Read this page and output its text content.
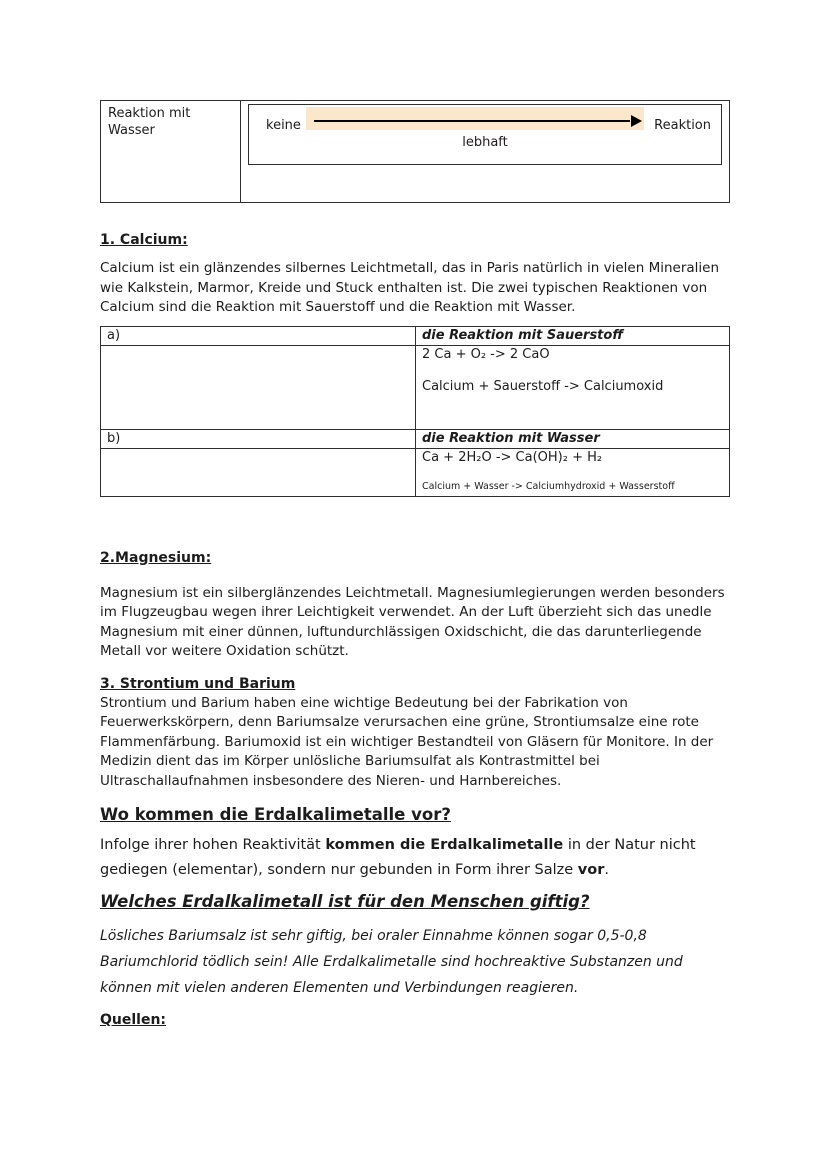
Reaktion mit Wasser	keine	Reaktion
lebhaft
1. Calcium:

Calcium ist ein glänzendes silbernes Leichtmetall, das in Paris natürlich in vielen Mineralien wie Kalkstein, Marmor, Kreide und Stuck enthalten ist. Die zwei typischen Reaktionen von Calcium sind die Reaktion mit Sauerstoff und die Reaktion mit Wasser.

a)	die Reaktion mit Sauerstoff

	2 Ca + O₂ -> 2 CaO
Calcium + Sauerstoff -> Calciumoxid

b)	die Reaktion mit Wasser

	Ca + 2H₂O -> Ca(OH)₂ + H₂
Calcium + Wasser -> Calciumhydroxid + Wasserstoff
2.Magnesium:

Magnesium ist ein silberglänzendes Leichtmetall. Magnesiumlegierungen werden besonders im Flugzeugbau wegen ihrer Leichtigkeit verwendet. An der Luft überzieht sich das unedle Magnesium mit einer dünnen, luftundurchlässigen Oxidschicht, die das darunterliegende Metall vor weitere Oxidation schützt.

3. Strontium und Barium

Strontium und Barium haben eine wichtige Bedeutung bei der Fabrikation von Feuerwerkskörpern, denn Bariumsalze verursachen eine grüne, Strontiumsalze eine rote Flammenfärbung. Bariumoxid ist ein wichtiger Bestandteil von Gläsern für Monitore. In der Medizin dient das im Körper unlösliche Bariumsulfat als Kontrastmittel bei Ultraschallaufnahmen insbesondere des Nieren- und Harnbereiches.

Wo kommen die Erdalkalimetalle vor?

Infolge ihrer hohen Reaktivität kommen die Erdalkalimetalle in der Natur nicht gediegen (elementar), sondern nur gebunden in Form ihrer Salze vor.

Welches Erdalkalimetall ist für den Menschen giftig?

Lösliches Bariumsalz ist sehr giftig, bei oraler Einnahme können sogar 0,5-0,8 Bariumchlorid tödlich sein! Alle Erdalkalimetalle sind hochreaktive Substanzen und können mit vielen anderen Elementen und Verbindungen reagieren.

Quellen:
